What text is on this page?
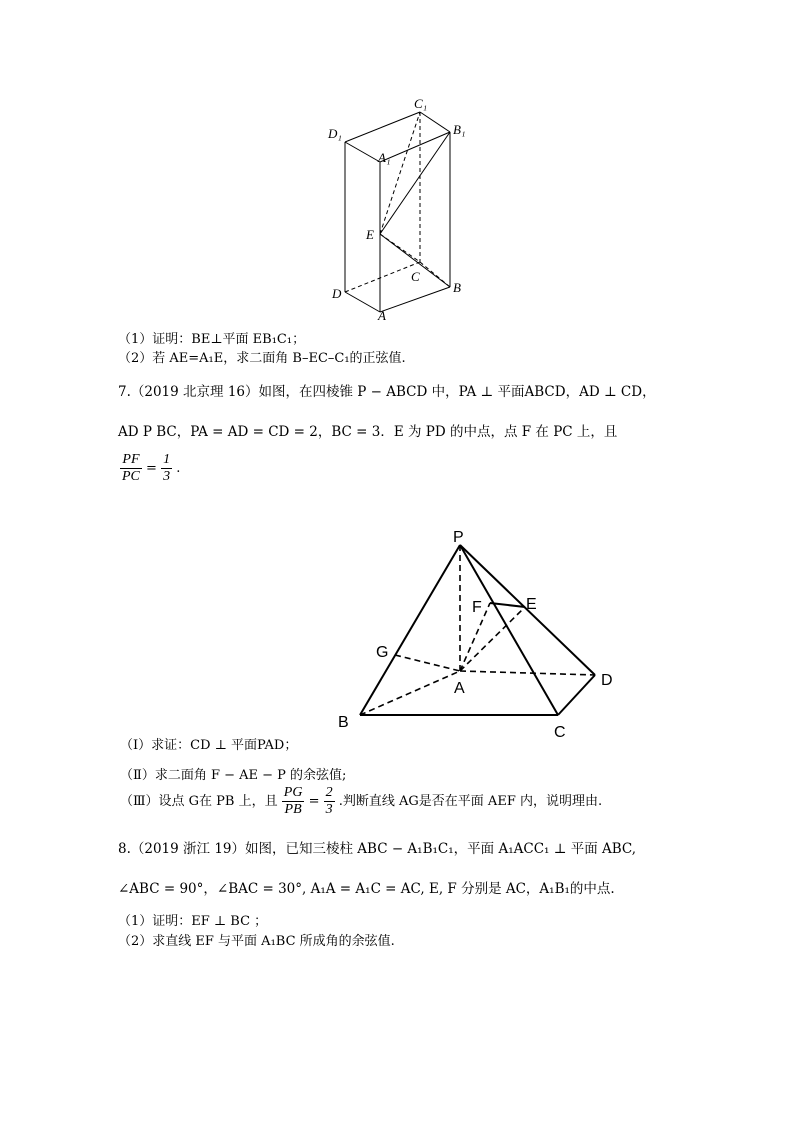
C₁
B₁
D₁
A₁
E
C
B
D
A
（1）证明：BE⊥平面 EB₁C₁；
（2）若 AE=A₁E，求二面角 B–EC–C₁的正弦值.
7.（2019 北京理 16）如图，在四棱锥 P − ABCD 中，PA ⊥ 平面ABCD，AD ⊥ CD，
AD P BC，PA = AD = CD = 2，BC = 3．E 为 PD 的中点，点 F 在 PC 上，且
$\frac{PF}{PC} = \frac{1}{3}$ .
P
F	E
G
A	D
B
C
（Ⅰ）求证：CD ⊥ 平面PAD；
（Ⅱ）求二面角 F − AE − P 的余弦值;
（Ⅲ）设点 G在 PB 上，且 $\frac{PG}{PB} = \frac{2}{3}$ .判断直线 AG是否在平面 AEF 内，说明理由.
8.（2019 浙江 19）如图，已知三棱柱 ABC − A₁B₁C₁，平面 A₁ACC₁ ⊥ 平面 ABC,
∠ABC = 90°，∠BAC = 30°, A₁A = A₁C = AC, E, F 分别是 AC，A₁B₁的中点.
（1）证明：EF ⊥ BC ；
（2）求直线 EF 与平面 A₁BC 所成角的余弦值.
